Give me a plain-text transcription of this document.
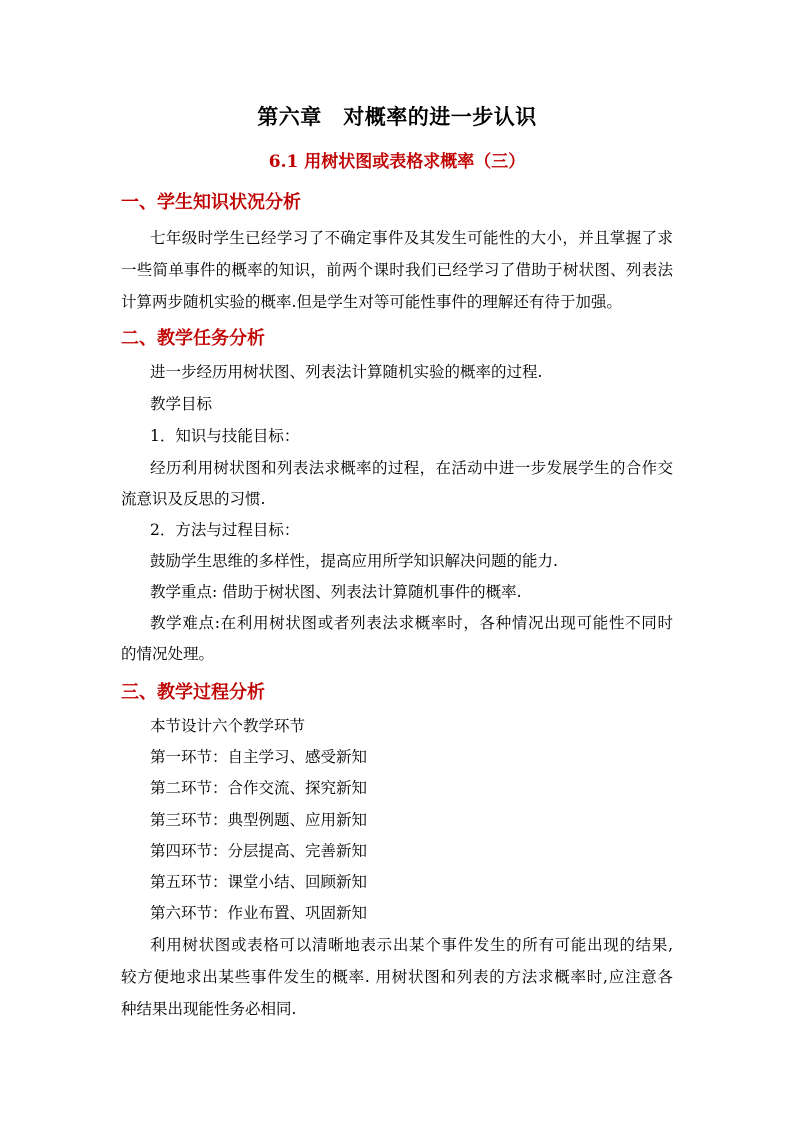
第六章　对概率的进一步认识
6.1 用树状图或表格求概率（三）
一、学生知识状况分析
七年级时学生已经学习了不确定事件及其发生可能性的大小，并且掌握了求
一些简单事件的概率的知识，前两个课时我们已经学习了借助于树状图、列表法
计算两步随机实验的概率.但是学生对等可能性事件的理解还有待于加强。
二、教学任务分析
进一步经历用树状图、列表法计算随机实验的概率的过程.
教学目标
1．知识与技能目标：
经历利用树状图和列表法求概率的过程，在活动中进一步发展学生的合作交
流意识及反思的习惯.
2．方法与过程目标：
鼓励学生思维的多样性，提高应用所学知识解决问题的能力.
教学重点: 借助于树状图、列表法计算随机事件的概率.
教学难点:在利用树状图或者列表法求概率时，各种情况出现可能性不同时
的情况处理。
三、教学过程分析
本节设计六个教学环节
第一环节：自主学习、感受新知
第二环节：合作交流、探究新知
第三环节：典型例题、应用新知
第四环节：分层提高、完善新知
第五环节：课堂小结、回顾新知
第六环节：作业布置、巩固新知
利用树状图或表格可以清晰地表示出某个事件发生的所有可能出现的结果,
较方便地求出某些事件发生的概率. 用树状图和列表的方法求概率时,应注意各
种结果出现能性务必相同.
